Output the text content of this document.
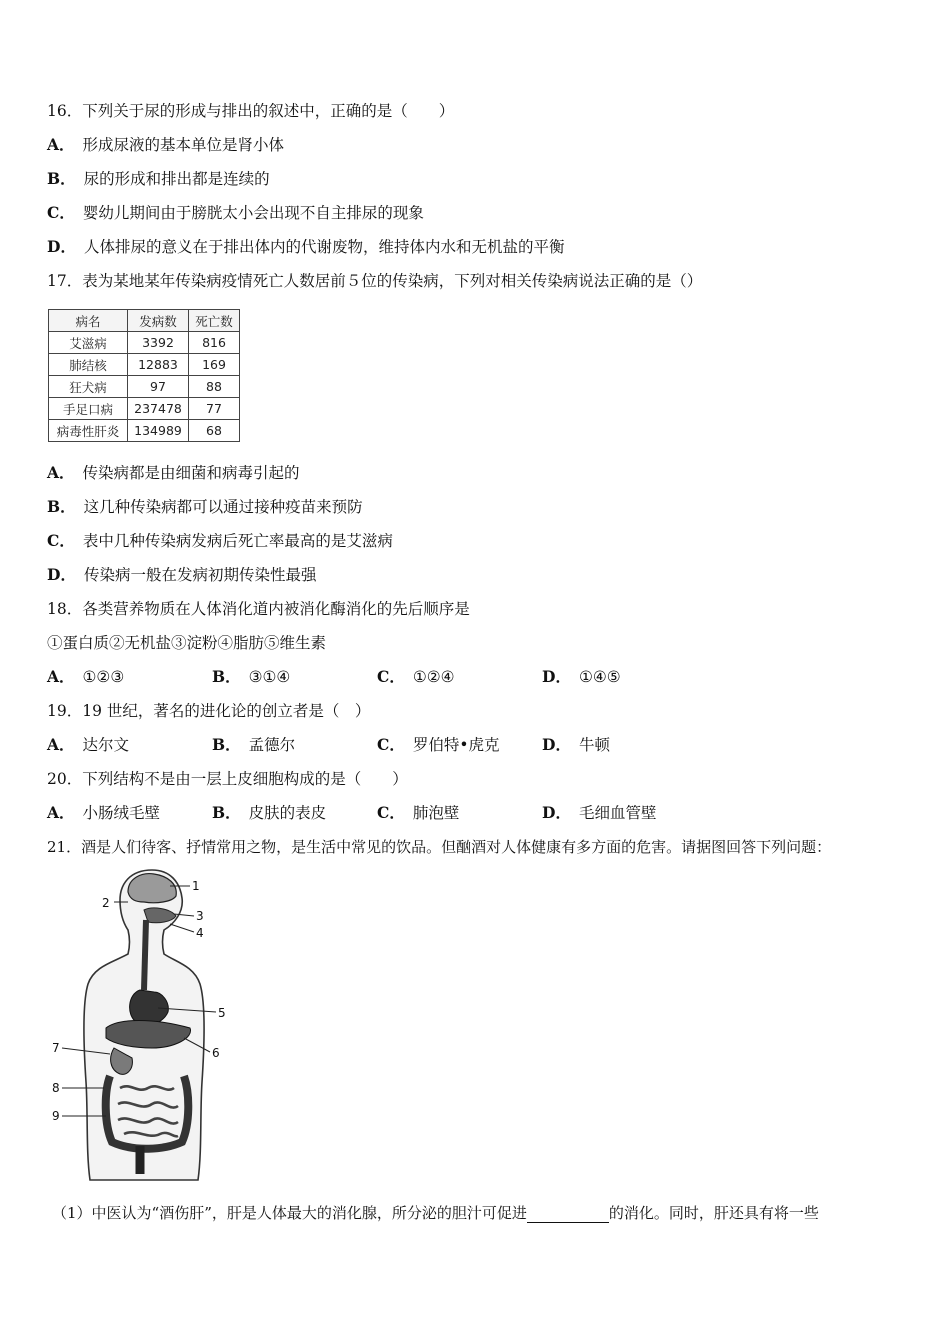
16．下列关于尿的形成与排出的叙述中，正确的是（　　）
A． 形成尿液的基本单位是肾小体
B． 尿的形成和排出都是连续的
C． 婴幼儿期间由于膀胱太小会出现不自主排尿的现象
D． 人体排尿的意义在于排出体内的代谢废物，维持体内水和无机盐的平衡
17．表为某地某年传染病疫情死亡人数居前５位的传染病，下列对相关传染病说法正确的是（）
病名	发病数	死亡数
艾滋病	3392	816
肺结核	12883	169
狂犬病	97	88
手足口病	237478	77
病毒性肝炎	134989	68
A． 传染病都是由细菌和病毒引起的
B． 这几种传染病都可以通过接种疫苗来预防
C． 表中几种传染病发病后死亡率最高的是艾滋病
D． 传染病一般在发病初期传染性最强
18．各类营养物质在人体消化道内被消化酶消化的先后顺序是
①蛋白质②无机盐③淀粉④脂肪⑤维生素
A． ①②③	B． ③①④	C． ①②④	D． ①④⑤
19．19 世纪，著名的进化论的创立者是（　）
A． 达尔文	B． 孟德尔	C． 罗伯特•虎克	D． 牛顿
20．下列结构不是由一层上皮细胞构成的是（　　）
A． 小肠绒毛壁	B． 皮肤的表皮	C． 肺泡壁	D． 毛细血管壁
21．酒是人们待客、抒情常用之物，是生活中常见的饮品。但酗酒对人体健康有多方面的危害。请据图回答下列问题：
1
2
3
4
5
6
7
8
9
（1）中医认为“酒伤肝”，肝是人体最大的消化腺，所分泌的胆汁可促进	的消化。同时，肝还具有将一些
